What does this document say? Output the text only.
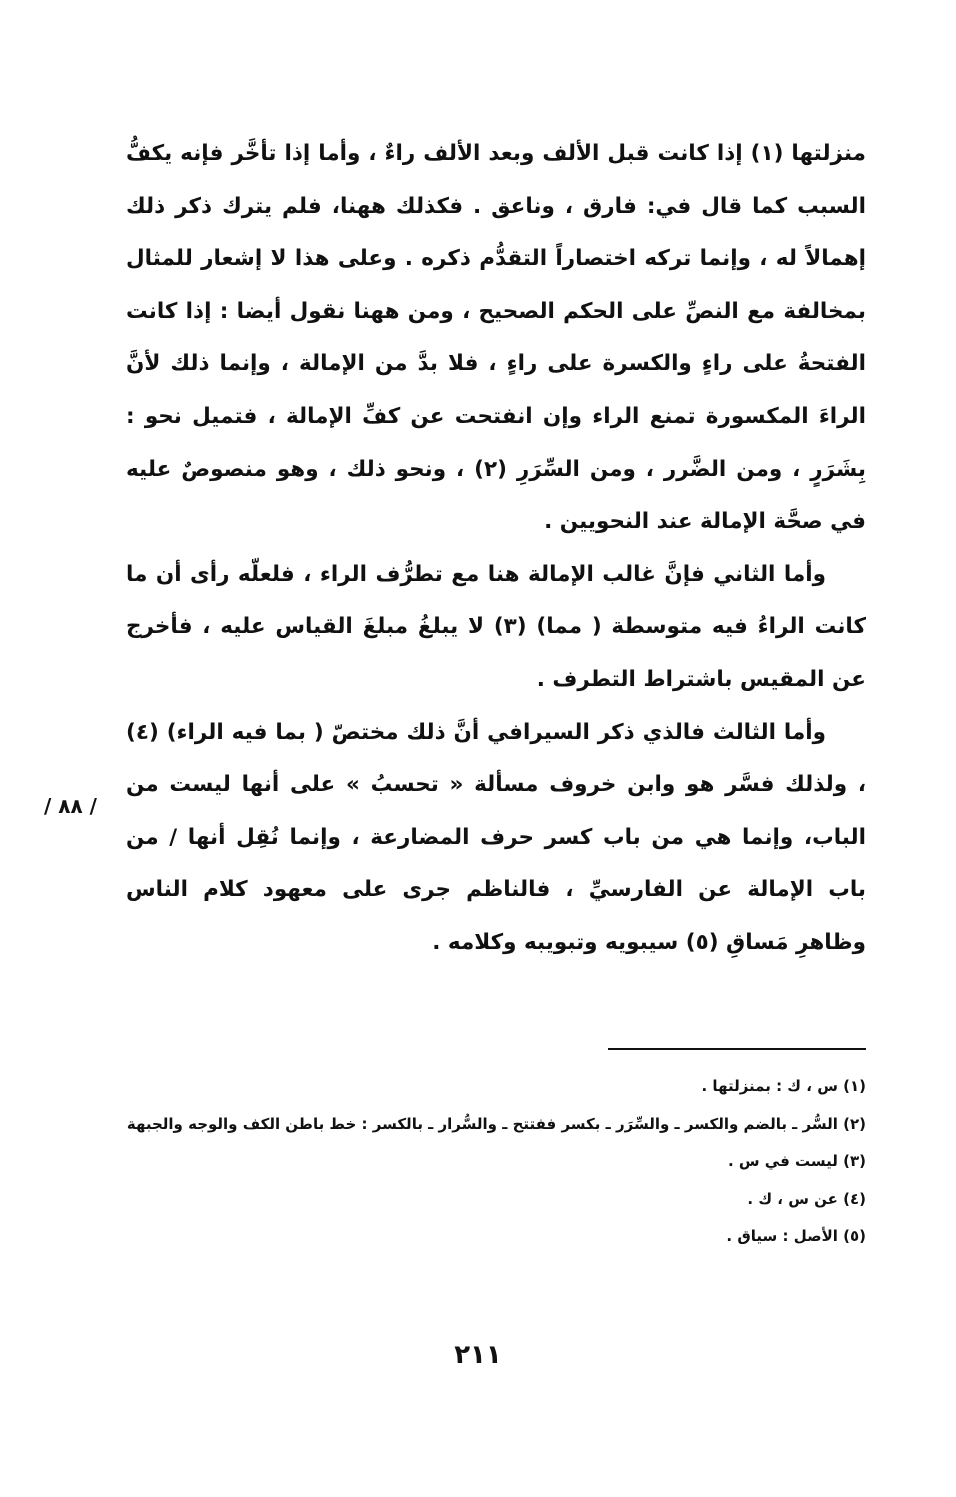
منزلتها (١) إذا كانت قبل الألف وبعد الألف راءٌ ، وأما إذا تأخَّر فإنه يكفُّ السبب كما قال في: فارق ، وناعق . فكذلك ههنا، فلم يترك ذكر ذلك إهمالاً له ، وإنما تركه اختصاراً التقدُّم ذكره . وعلى هذا لا إشعار للمثال بمخالفة مع النصِّ على الحكم الصحيح ، ومن ههنا نقول أيضا : إذا كانت الفتحةُ على راءٍ والكسرة على راءٍ ، فلا بدَّ من الإمالة ، وإنما ذلك لأنَّ الراءَ المكسورة تمنع الراء وإن انفتحت عن كفِّ الإمالة ، فتميل نحو : بِشَرَرٍ ، ومن الضَّرر ، ومن السِّرَرِ (٢) ، ونحو ذلك ، وهو منصوصٌ عليه في صحَّة الإمالة عند النحويين .

وأما الثاني فإنَّ غالب الإمالة هنا مع تطرُّف الراء ، فلعلّه رأى أن ما كانت الراءُ فيه متوسطة ( مما) (٣) لا يبلغُ مبلغَ القياس عليه ، فأخرج عن المقيس باشتراط التطرف .

وأما الثالث فالذي ذكر السيرافي أنَّ ذلك مختصّ ( بما فيه الراء) (٤) ، ولذلك فسَّر هو وابن خروف مسألة « تحسبُ » على أنها ليست من الباب، وإنما هي من باب كسر حرف المضارعة ، وإنما نُقِل أنها / من باب الإمالة عن الفارسيِّ ، فالناظم جرى على معهود كلام الناس وظاهرِ مَساقِ (٥) سيبويه وتبويبه وكلامه .

/ ٨٨ /
(١) س ، ك : بمنزلتها .
(٢) السُّر ـ بالضم والكسر ـ والسِّرَر ـ بكسر ففتتح ـ والسُّرار ـ بالكسر : خط باطن الكف والوجه والجبهة
(٣) ليست في س .
(٤) عن س ، ك .
(٥) الأصل : سياق .
٢١١
